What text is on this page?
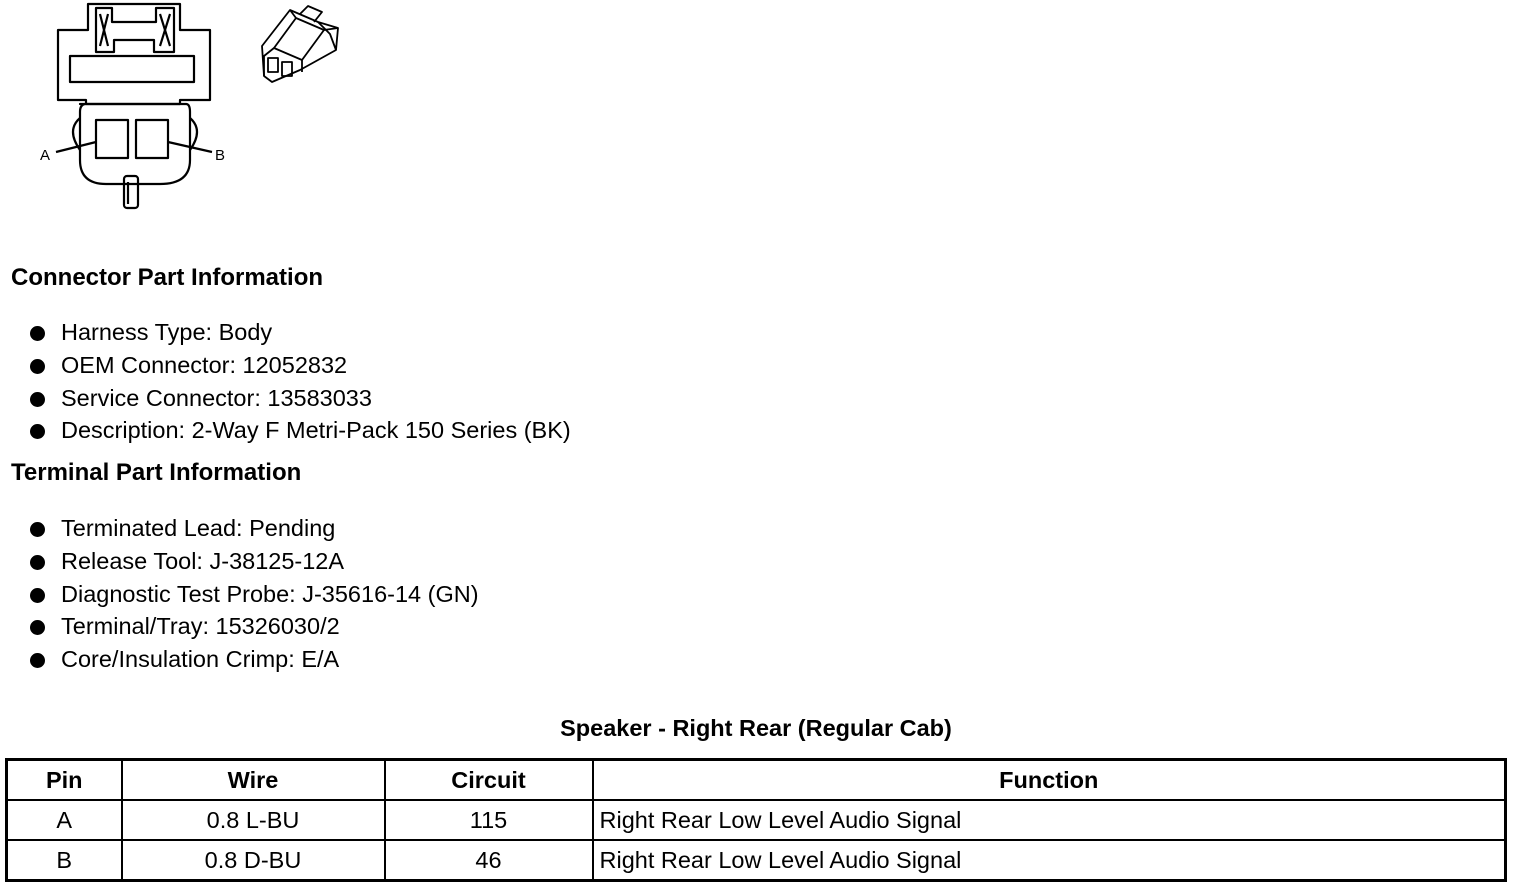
A	B
Connector Part Information
Harness Type: Body
OEM Connector: 12052832
Service Connector: 13583033
Description: 2-Way F Metri-Pack 150 Series (BK)
Terminal Part Information
Terminated Lead: Pending
Release Tool: J-38125-12A
Diagnostic Test Probe: J-35616-14 (GN)
Terminal/Tray: 15326030/2
Core/Insulation Crimp: E/A
Speaker - Right Rear (Regular Cab)
Pin	Wire	Circuit	Function
A	0.8 L-BU	115	Right Rear Low Level Audio Signal
B	0.8 D-BU	46	Right Rear Low Level Audio Signal
